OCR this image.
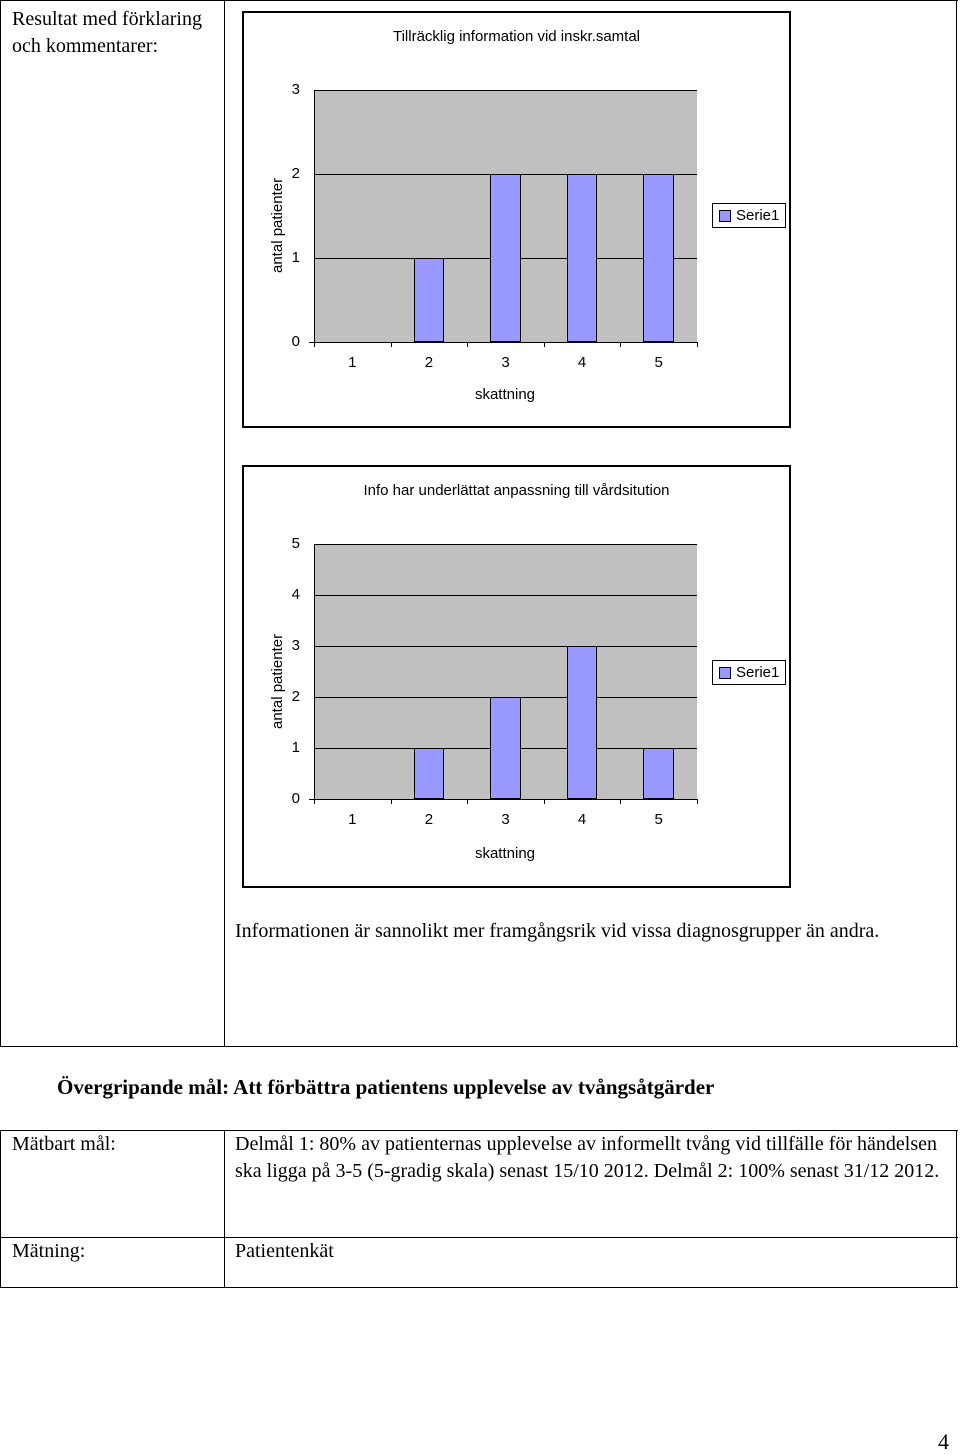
Resultat med förklaring och kommentarer:	Tillräcklig information vid inskr.samtal
antal patienter
skattning
Serie1
0
1
2
3
1	2	3	4	5
Info har underlättat anpassning till vårdsitution
antal patienter
skattning
Serie1
0
1
2
3
4
5
1	2	3	4	5
Informationen är sannolikt mer framgångsrik vid vissa diagnosgrupper än andra.
Övergripande mål: Att förbättra patientens upplevelse av tvångsåtgärder
Mätbart mål:	Delmål 1: 80% av patienternas upplevelse av informellt tvång vid tillfälle för händelsen ska ligga på 3-5 (5-gradig skala) senast 15/10 2012. Delmål 2: 100% senast 31/12 2012.
Mätning:	Patientenkät
4
